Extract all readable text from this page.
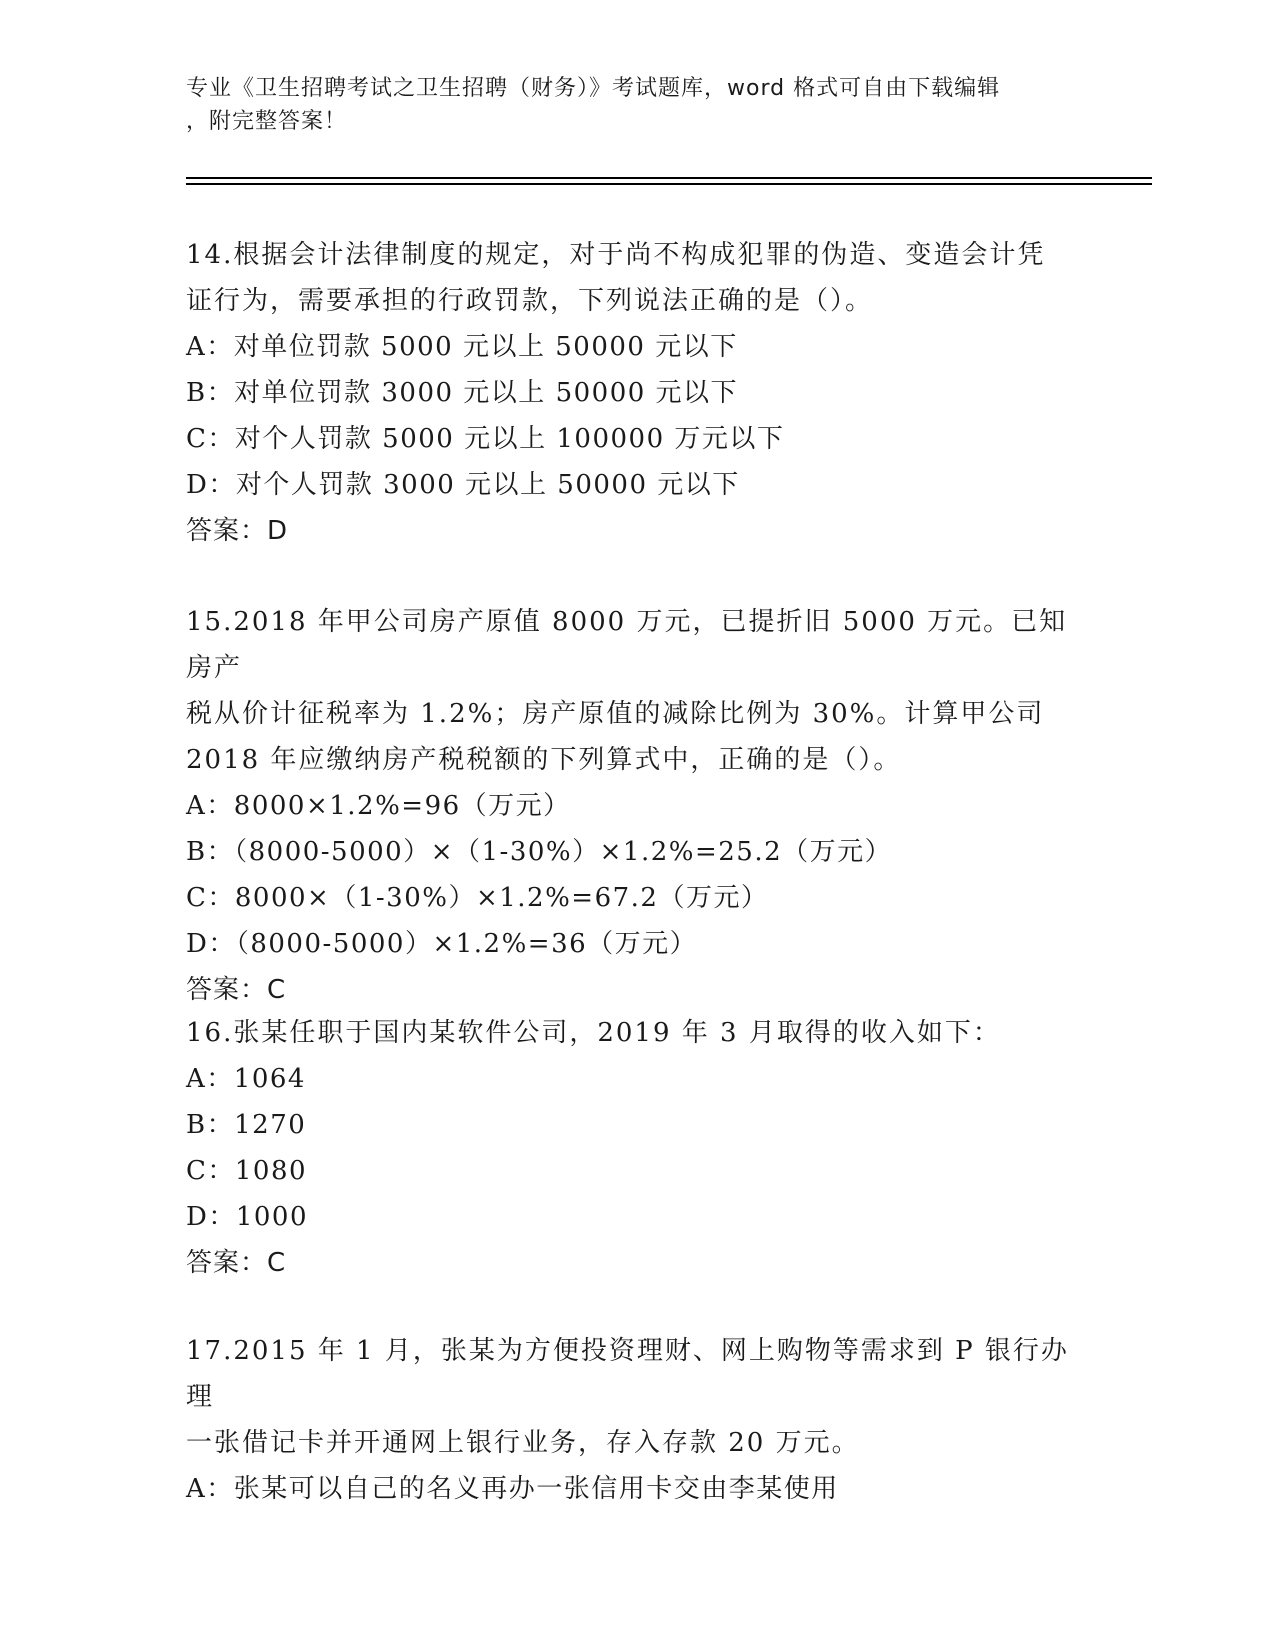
专业《卫生招聘考试之卫生招聘（财务）》考试题库，word 格式可自由下载编辑
，附完整答案！
14.根据会计法律制度的规定，对于尚不构成犯罪的伪造、变造会计凭
证行为，需要承担的行政罚款，下列说法正确的是（）。
A：对单位罚款 5000 元以上 50000 元以下
B：对单位罚款 3000 元以上 50000 元以下
C：对个人罚款 5000 元以上 100000 万元以下
D：对个人罚款 3000 元以上 50000 元以下
答案：D
15.2018 年甲公司房产原值 8000 万元，已提折旧 5000 万元。已知房产
税从价计征税率为 1.2%；房产原值的减除比例为 30%。计算甲公司
2018 年应缴纳房产税税额的下列算式中，正确的是（）。
A：8000×1.2%=96（万元）
B：（8000-5000）×（1-30%）×1.2%=25.2（万元）
C：8000×（1-30%）×1.2%=67.2（万元）
D：（8000-5000）×1.2%=36（万元）
答案：C
16.张某任职于国内某软件公司，2019 年 3 月取得的收入如下：
A：1064
B：1270
C：1080
D：1000
答案：C
17.2015 年 1 月，张某为方便投资理财、网上购物等需求到 P 银行办理
一张借记卡并开通网上银行业务，存入存款 20 万元。
A：张某可以自己的名义再办一张信用卡交由李某使用
